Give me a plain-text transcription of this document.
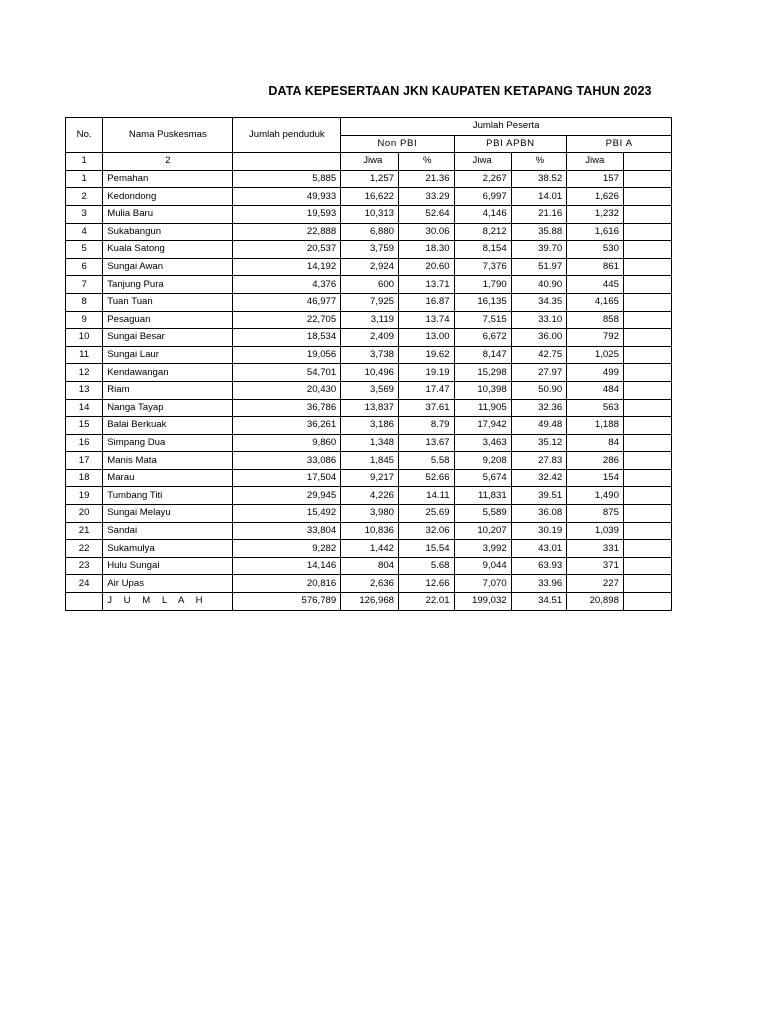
DATA KEPESERTAAN JKN KAUPATEN KETAPANG TAHUN 2023
No.	Nama Puskesmas	Jumlah penduduk	Jumlah Peserta					
			Non PBI		PBI APBN		PBI A	
1	2		Jiwa	%	Jiwa	%	Jiwa	
1	Pemahan	5,885	1,257	21.36	2,267	38.52	157	
2	Kedondong	49,933	16,622	33.29	6,997	14.01	1,626	
3	Mulia Baru	19,593	10,313	52.64	4,146	21.16	1,232	
4	Sukabangun	22,888	6,880	30.06	8,212	35.88	1,616	
5	Kuala Satong	20,537	3,759	18.30	8,154	39.70	530	
6	Sungai Awan	14,192	2,924	20.60	7,376	51.97	861	
7	Tanjung Pura	4,376	600	13.71	1,790	40.90	445	
8	Tuan Tuan	46,977	7,925	16.87	16,135	34.35	4,165	
9	Pesaguan	22,705	3,119	13.74	7,515	33.10	858	
10	Sungai Besar	18,534	2,409	13.00	6,672	36.00	792	
11	Sungai Laur	19,056	3,738	19.62	8,147	42.75	1,025	
12	Kendawangan	54,701	10,496	19.19	15,298	27.97	499	
13	Riam	20,430	3,569	17.47	10,398	50.90	484	
14	Nanga Tayap	36,786	13,837	37.61	11,905	32.36	563	
15	Balai Berkuak	36,261	3,186	8.79	17,942	49.48	1,188	
16	Simpang Dua	9,860	1,348	13.67	3,463	35.12	84	
17	Manis Mata	33,086	1,845	5.58	9,208	27.83	286	
18	Marau	17,504	9,217	52.66	5,674	32.42	154	
19	Tumbang Titi	29,945	4,226	14.11	11,831	39.51	1,490	
20	Sungai Melayu	15,492	3,980	25.69	5,589	36.08	875	
21	Sandai	33,804	10,836	32.06	10,207	30.19	1,039	
22	Sukamulya	9,282	1,442	15.54	3,992	43.01	331	
23	Hulu Sungai	14,146	804	5.68	9,044	63.93	371	
24	Air Upas	20,816	2,636	12.66	7,070	33.96	227	
	J U M L A H	576,789	126,968	22.01	199,032	34.51	20,898	
